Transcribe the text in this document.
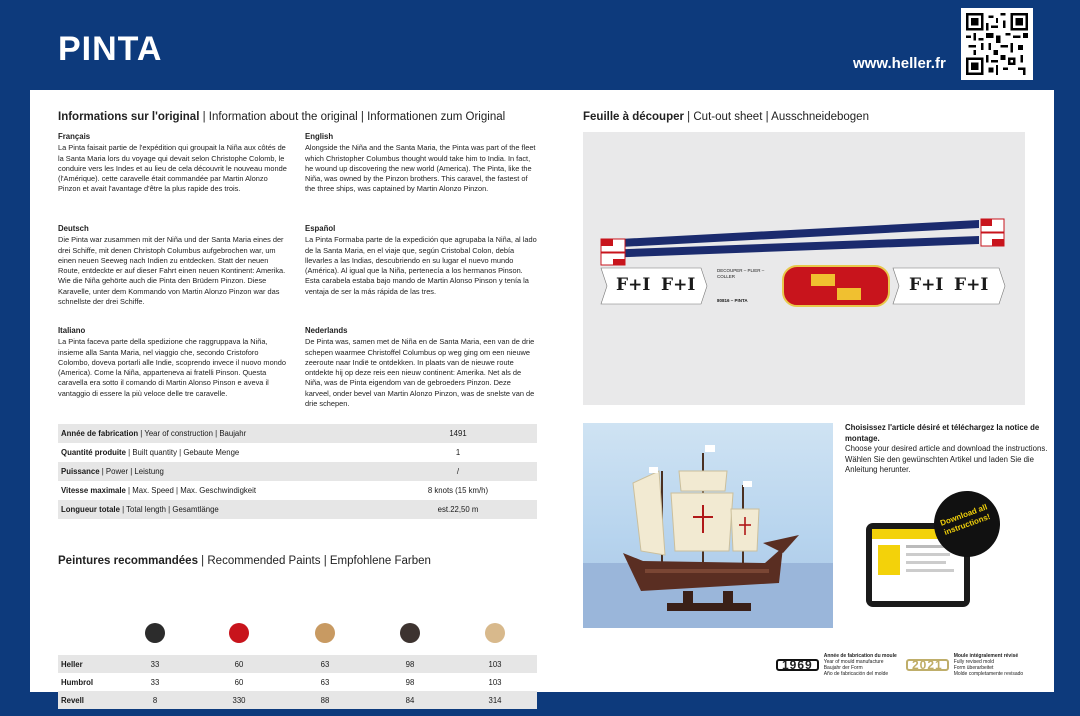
PINTA	www.heller.fr
Informations sur l'original | Information about the original | Informationen zum Original
Français
La Pinta faisait partie de l'expédition qui groupait la Niña aux côtés de la Santa Maria lors du voyage qui devait selon Christophe Colomb, le conduire vers les Indes et au lieu de cela découvrit le nouveau monde (l'Amérique). cette caravelle était commandée par Martin Alonzo Pinzon et avait l'avantage d'être la plus rapide des trois.
English
Alongside the Niña and the Santa Maria, the Pinta was part of the fleet which Christopher Columbus thought would take him to India. In fact, he wound up discovering the new world (America). The Pinta, like the Niña, was owned by the Pinzon brothers. This caravel, the fastest of the three ships, was captained by Martin Alonzo Pinzon.
Deutsch
Die Pinta war zusammen mit der Niña und der Santa Maria eines der drei Schiffe, mit denen Christoph Columbus aufgebrochen war, um einen neuen Seeweg nach Indien zu entdecken. Statt der neuen Route, entdeckte er auf dieser Fahrt einen neuen Kontinent: Amerika. Wie die Niña gehörte auch die Pinta den Brüdern Pinzon. Diese Karavelle, unter dem Kommando von Martin Alonzo Pinzon war das schnellste der drei Schiffe.
Español
La Pinta Formaba parte de la expedición que agrupaba la Niña, al lado de la Santa Maria, en el viaje que, según Cristobal Colon, debía llevarles a las Indias, descubriendo en su lugar el nuevo mundo (América). Al igual que la Niña, pertenecía a los hermanos Pinson. Esta carabela estaba bajo mando de Martin Alonso Pinson y tenía la ventaja de ser la más rápida de las tres.
Italiano
La Pinta faceva parte della spedizione che raggruppava la Niña, insieme alla Santa Maria, nel viaggio che, secondo Cristoforo Colombo, doveva portarli alle Indie, scoprendo invece il nuovo mondo (America). Come la Niña, apparteneva ai fratelli Pinson. Questa caravella era sotto il comando di Martin Alonso Pinson e aveva il vantaggio di essere la più veloce delle tre caravelle.
Nederlands
De Pinta was, samen met de Niña en de Santa Maria, een van de drie schepen waarmee Christoffel Columbus op weg ging om een nieuwe zeeroute naar Indië te ontdekken. In plaats van de nieuwe route ontdekte hij op deze reis een nieuw continent: Amerika. Net als de Niña, was de Pinta eigendom van de gebroeders Pinzon. Deze karveel, onder bevel van Martin Alonzo Pinzon, was de snelste van de drie schepen.
Année de fabrication | Year of construction | Baujahr	1491
Quantité produite | Built quantity | Gebaute Menge	1
Puissance | Power | Leistung	/
Vitesse maximale | Max. Speed | Max. Geschwindigkeit	8 knots (15 km/h)
Longueur totale | Total length | Gesamtlänge	est.22,50 m
Peintures recommandées | Recommended Paints | Empfohlene Farben
Heller	33	60	63	98	103
Humbrol	33	60	63	98	103
Revell	8	330	88	84	314
Feuille à découper | Cut-out sheet | Ausschneidebogen
F+I F+I	F+I F+I
DECOUPER – PLIER – COLLER
80816 – PINTA
Choisissez l'article désiré et téléchargez la notice de montage.
Choose your desired article and download the instructions.
Wählen Sie den gewünschten Artikel und laden Sie die Anleitung herunter.
Download all instructions!
1969
Année de fabrication du moule
Year of mould manufacture
Baujahr der Form
Año de fabricación del molde
2021
Moule intégralement révisé
Fully revised mold
Form überarbeitet
Molde completamente revisado
